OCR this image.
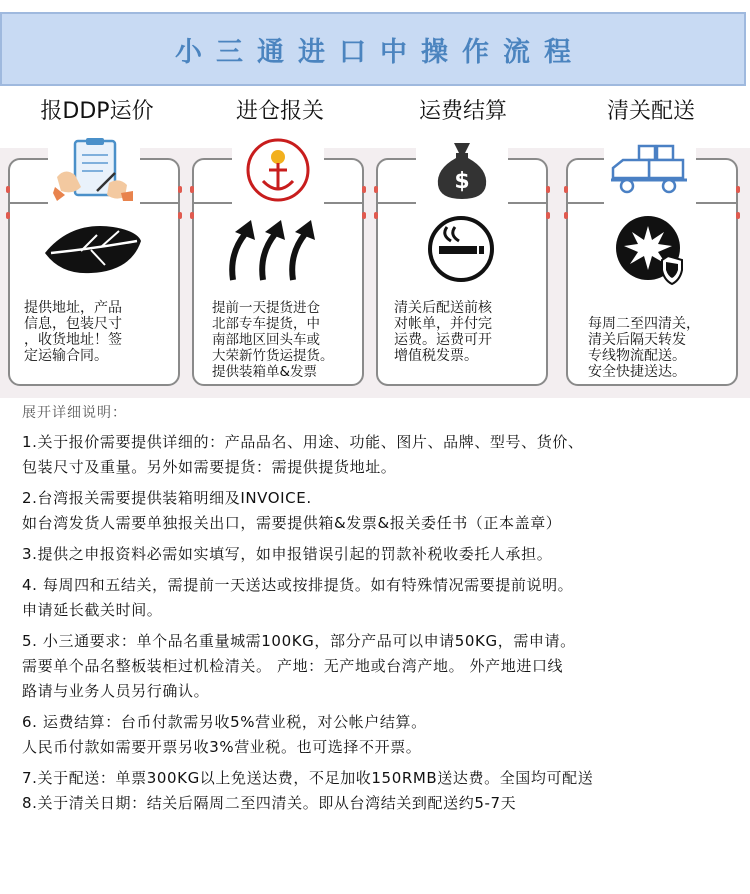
小三通进口中操作流程
报DDP运价	进仓报关	运费结算	清关配送
$
提供地址，产品
信息，包装尺寸
，收货地址！签
定运输合同。
提前一天提货进仓
北部专车提货，中
南部地区回头车或
大荣新竹货运提货。
提供装箱单&发票
清关后配送前核
对帐单，并付完
运费。运费可开
增值税发票。
每周二至四清关，
清关后隔天转发
专线物流配送。
安全快捷送达。
展开详细说明：

1.关于报价需要提供详细的：产品品名、用途、功能、图片、品牌、型号、货价、
包装尺寸及重量。另外如需要提货：需提供提货地址。

2.台湾报关需要提供装箱明细及INVOICE.
如台湾发货人需要单独报关出口，需要提供箱&发票&报关委任书（正本盖章）

3.提供之申报资料必需如实填写，如申报错误引起的罚款补税收委托人承担。

4. 每周四和五结关，需提前一天送达或按排提货。如有特殊情况需要提前说明。
申请延长截关时间。

5. 小三通要求：单个品名重量城需100KG，部分产品可以申请50KG，需申请。
需要单个品名整板装柜过机检清关。 产地：无产地或台湾产地。 外产地进口线
路请与业务人员另行确认。

6. 运费结算：台币付款需另收5%营业税，对公帐户结算。
人民币付款如需要开票另收3%营业税。也可选择不开票。

7.关于配送：单票300KG以上免送达费，不足加收150RMB送达费。全国均可配送

8.关于清关日期：结关后隔周二至四清关。即从台湾结关到配送约5-7天
